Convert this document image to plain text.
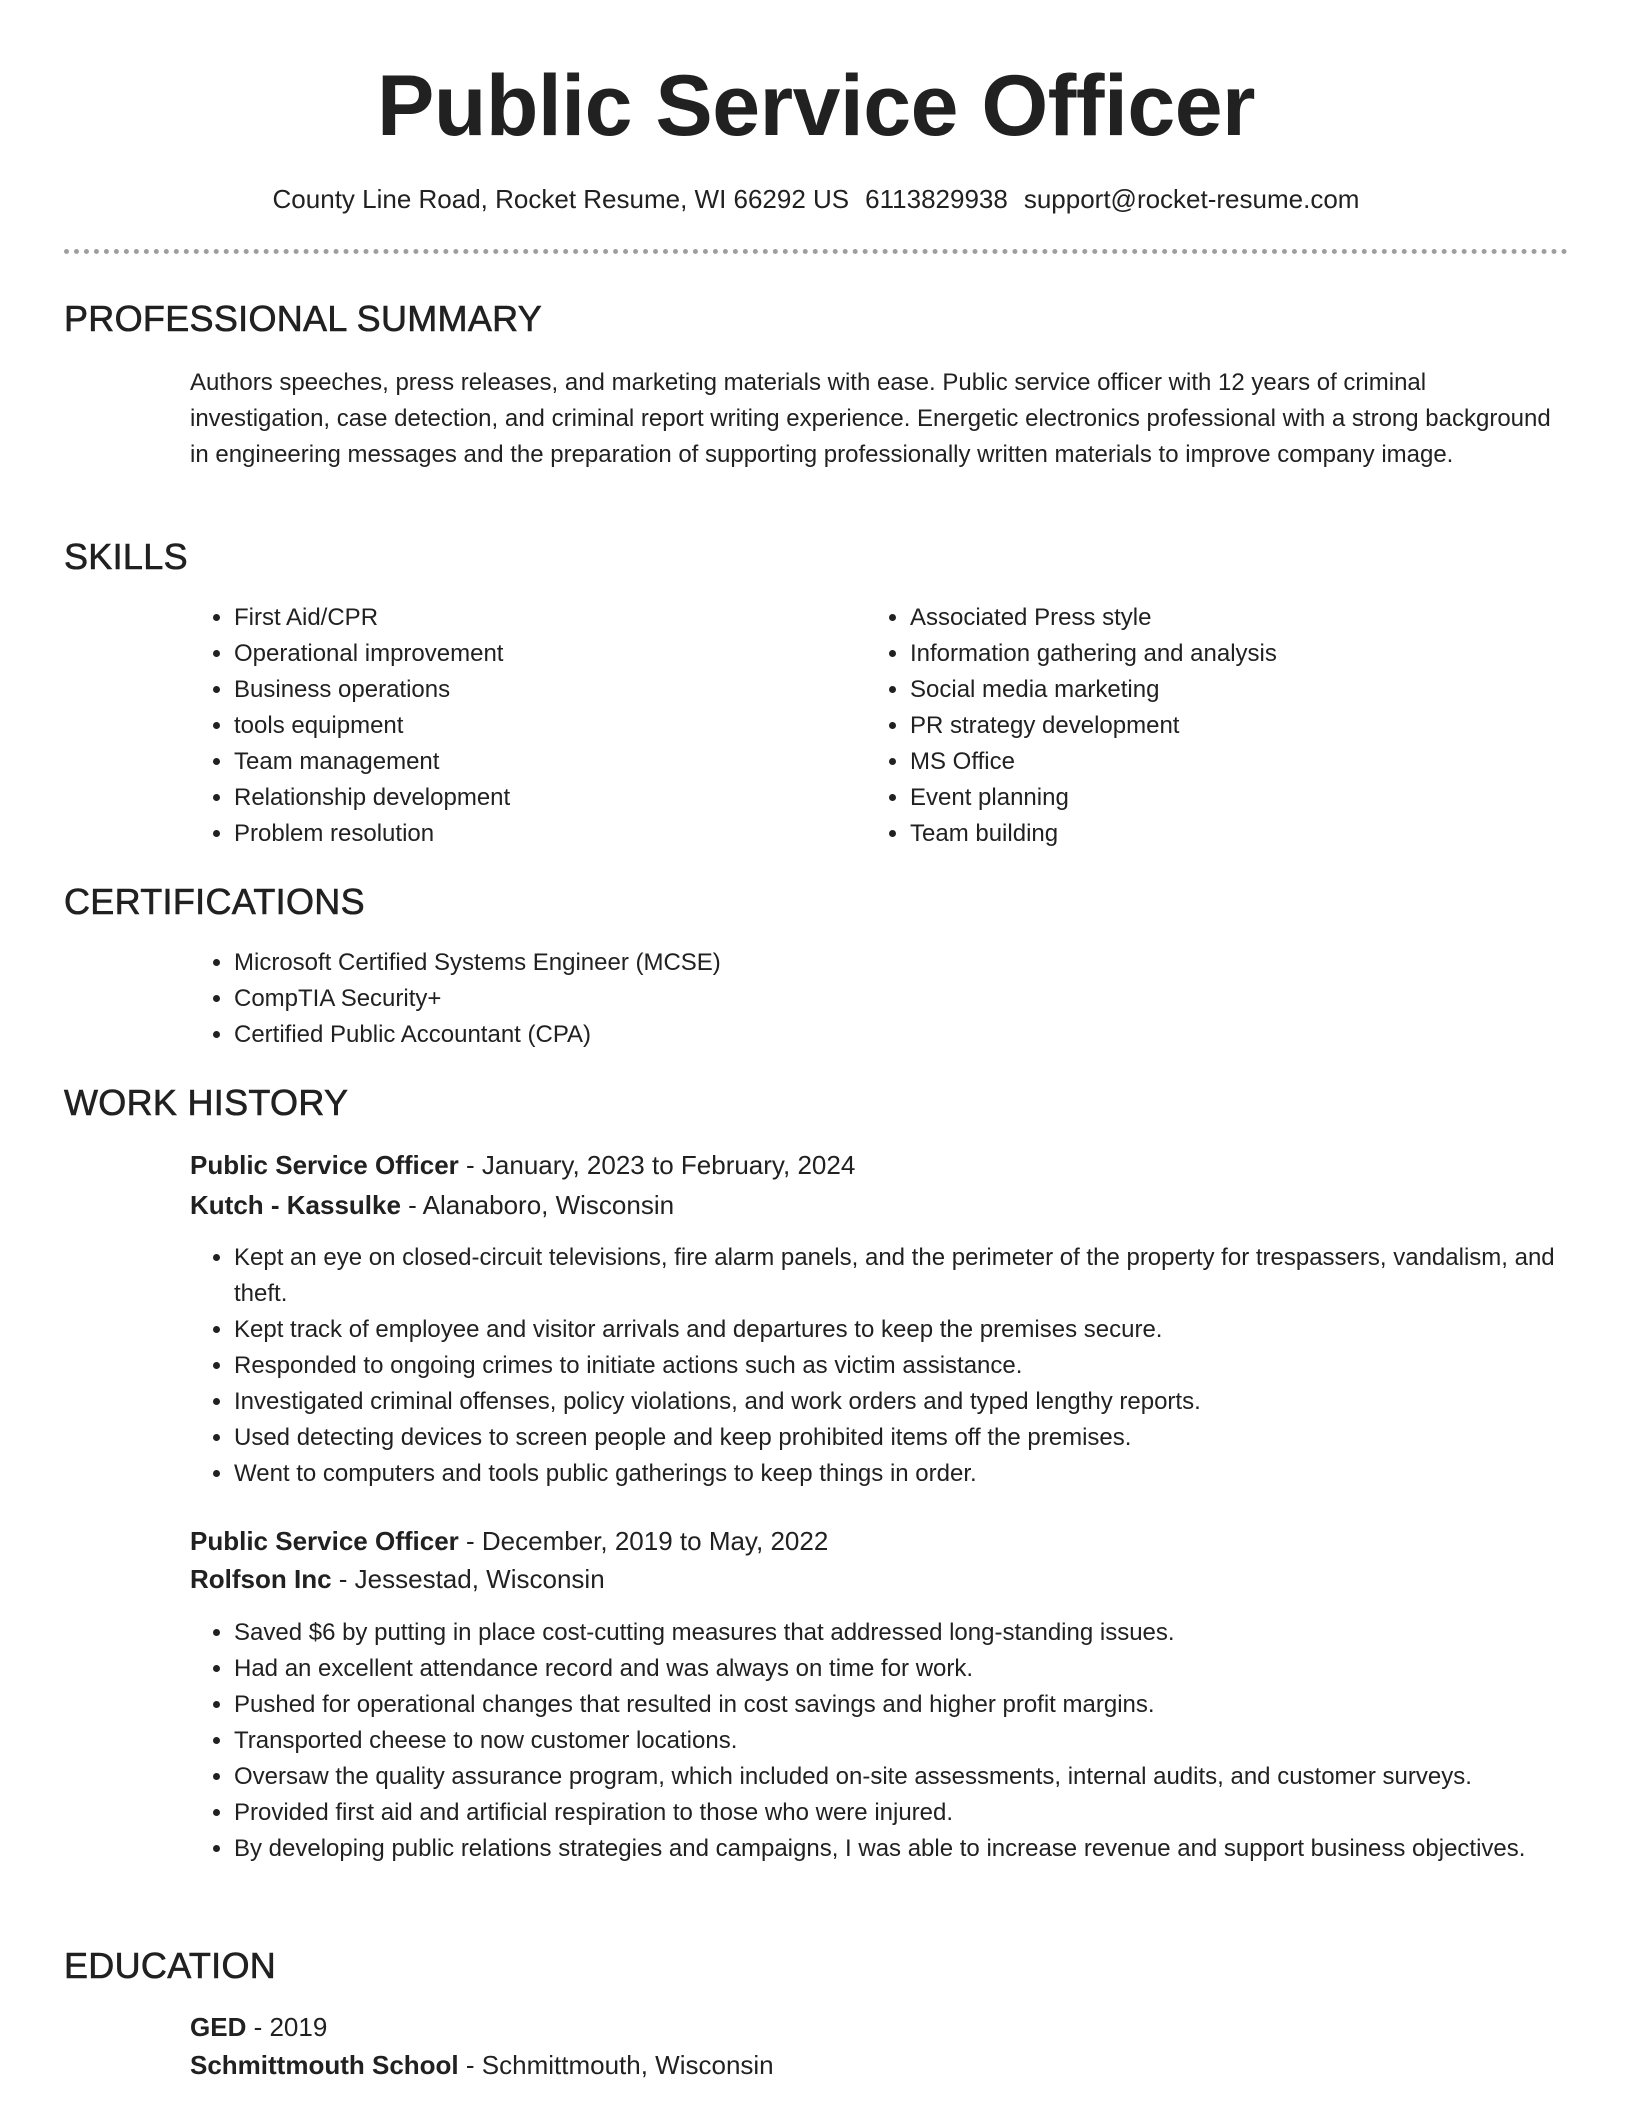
Public Service Officer
County Line Road, Rocket Resume, WI 66292 US 6113829938 support@rocket-resume.com
PROFESSIONAL SUMMARY

Authors speeches, press releases, and marketing materials with ease. Public service officer with 12 years of criminal investigation, case detection, and criminal report writing experience. Energetic electronics professional with a strong background in engineering messages and the preparation of supporting professionally written materials to improve company image.

SKILLS
• First Aid/CPR
• Operational improvement
• Business operations
• tools equipment
• Team management
• Relationship development
• Problem resolution
• Associated Press style
• Information gathering and analysis
• Social media marketing
• PR strategy development
• MS Office
• Event planning
• Team building
CERTIFICATIONS
• Microsoft Certified Systems Engineer (MCSE)
• CompTIA Security+
• Certified Public Accountant (CPA)
WORK HISTORY
Public Service Officer - January, 2023 to February, 2024
Kutch - Kassulke - Alanaboro, Wisconsin
• Kept an eye on closed-circuit televisions, fire alarm panels, and the perimeter of the property for trespassers, vandalism, and theft.
• Kept track of employee and visitor arrivals and departures to keep the premises secure.
• Responded to ongoing crimes to initiate actions such as victim assistance.
• Investigated criminal offenses, policy violations, and work orders and typed lengthy reports.
• Used detecting devices to screen people and keep prohibited items off the premises.
• Went to computers and tools public gatherings to keep things in order.
Public Service Officer - December, 2019 to May, 2022
Rolfson Inc - Jessestad, Wisconsin
• Saved $6 by putting in place cost-cutting measures that addressed long-standing issues.
• Had an excellent attendance record and was always on time for work.
• Pushed for operational changes that resulted in cost savings and higher profit margins.
• Transported cheese to now customer locations.
• Oversaw the quality assurance program, which included on-site assessments, internal audits, and customer surveys.
• Provided first aid and artificial respiration to those who were injured.
• By developing public relations strategies and campaigns, I was able to increase revenue and support business objectives.
EDUCATION
GED - 2019
Schmittmouth School - Schmittmouth, Wisconsin
